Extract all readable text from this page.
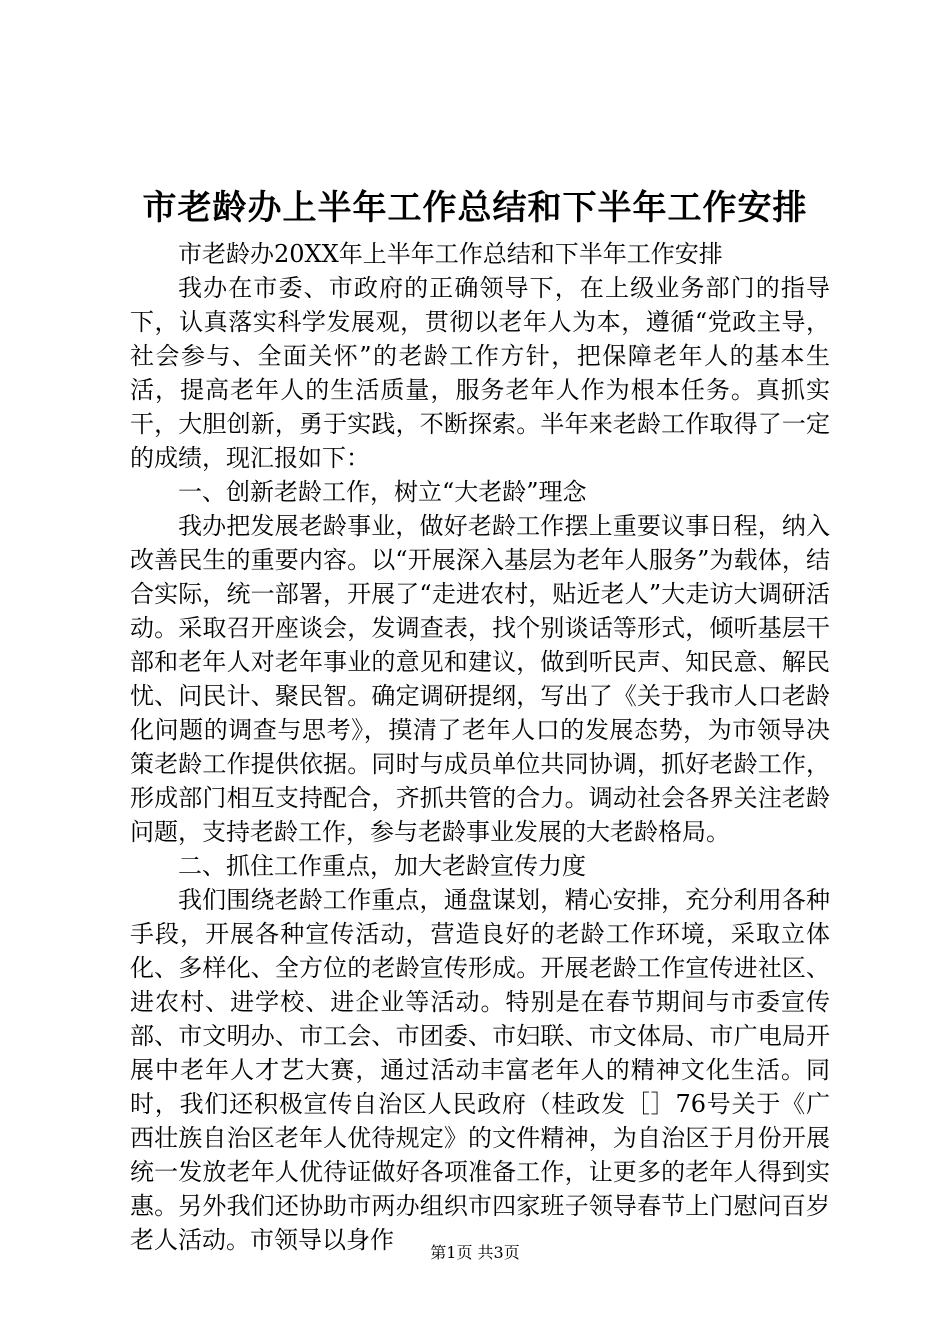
市老龄办上半年工作总结和下半年工作安排

市老龄办20XX年上半年工作总结和下半年工作安排

我办在市委、市政府的正确领导下，在上级业务部门的指导下，认真落实科学发展观，贯彻以老年人为本，遵循“党政主导，社会参与、全面关怀”的老龄工作方针，把保障老年人的基本生活，提高老年人的生活质量，服务老年人作为根本任务。真抓实干，大胆创新，勇于实践，不断探索。半年来老龄工作取得了一定的成绩，现汇报如下：

一、创新老龄工作，树立“大老龄”理念

我办把发展老龄事业，做好老龄工作摆上重要议事日程，纳入改善民生的重要内容。以“开展深入基层为老年人服务”为载体，结合实际，统一部署，开展了“走进农村，贴近老人”大走访大调研活动。采取召开座谈会，发调查表，找个别谈话等形式，倾听基层干部和老年人对老年事业的意见和建议，做到听民声、知民意、解民忧、问民计、聚民智。确定调研提纲，写出了《关于我市人口老龄化问题的调查与思考》，摸清了老年人口的发展态势，为市领导决策老龄工作提供依据。同时与成员单位共同协调，抓好老龄工作，形成部门相互支持配合，齐抓共管的合力。调动社会各界关注老龄问题，支持老龄工作，参与老龄事业发展的大老龄格局。

二、抓住工作重点，加大老龄宣传力度

我们围绕老龄工作重点，通盘谋划，精心安排，充分利用各种手段，开展各种宣传活动，营造良好的老龄工作环境，采取立体化、多样化、全方位的老龄宣传形成。开展老龄工作宣传进社区、进农村、进学校、进企业等活动。特别是在春节期间与市委宣传部、市文明办、市工会、市团委、市妇联、市文体局、市广电局开展中老年人才艺大赛，通过活动丰富老年人的精神文化生活。同时，我们还积极宣传自治区人民政府（桂政发［］76号关于《广西壮族自治区老年人优待规定》的文件精神，为自治区于月份开展统一发放老年人优待证做好各项准备工作，让更多的老年人得到实惠。另外我们还协助市两办组织市四家班子领导春节上门慰问百岁老人活动。市领导以身作	第1页 共3页
